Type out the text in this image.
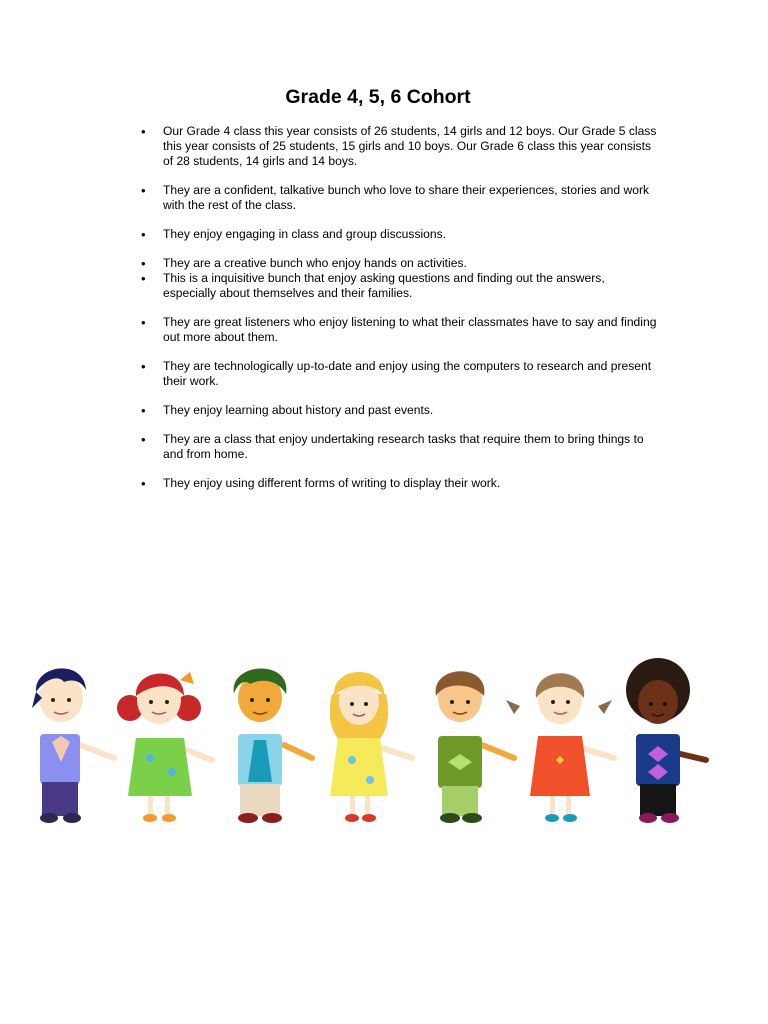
Grade 4, 5, 6 Cohort
• Our Grade 4 class this year consists of 26 students, 14 girls and 12 boys. Our Grade 5 class this year consists of 25 students, 15 girls and 10 boys. Our Grade 6 class this year consists of 28 students, 14 girls and 14 boys.
• They are a confident, talkative bunch who love to share their experiences, stories and work with the rest of the class.
• They enjoy engaging in class and group discussions.
• They are a creative bunch who enjoy hands on activities.
• This is a inquisitive bunch that enjoy asking questions and finding out the answers, especially about themselves and their families.
• They are great listeners who enjoy listening to what their classmates have to say and finding out more about them.
• They are technologically up-to-date and enjoy using the computers to research and present their work.
• They enjoy learning about history and past events.
• They are a class that enjoy undertaking research tasks that require them to bring things to and from home.
• They enjoy using different forms of writing to display their work.
